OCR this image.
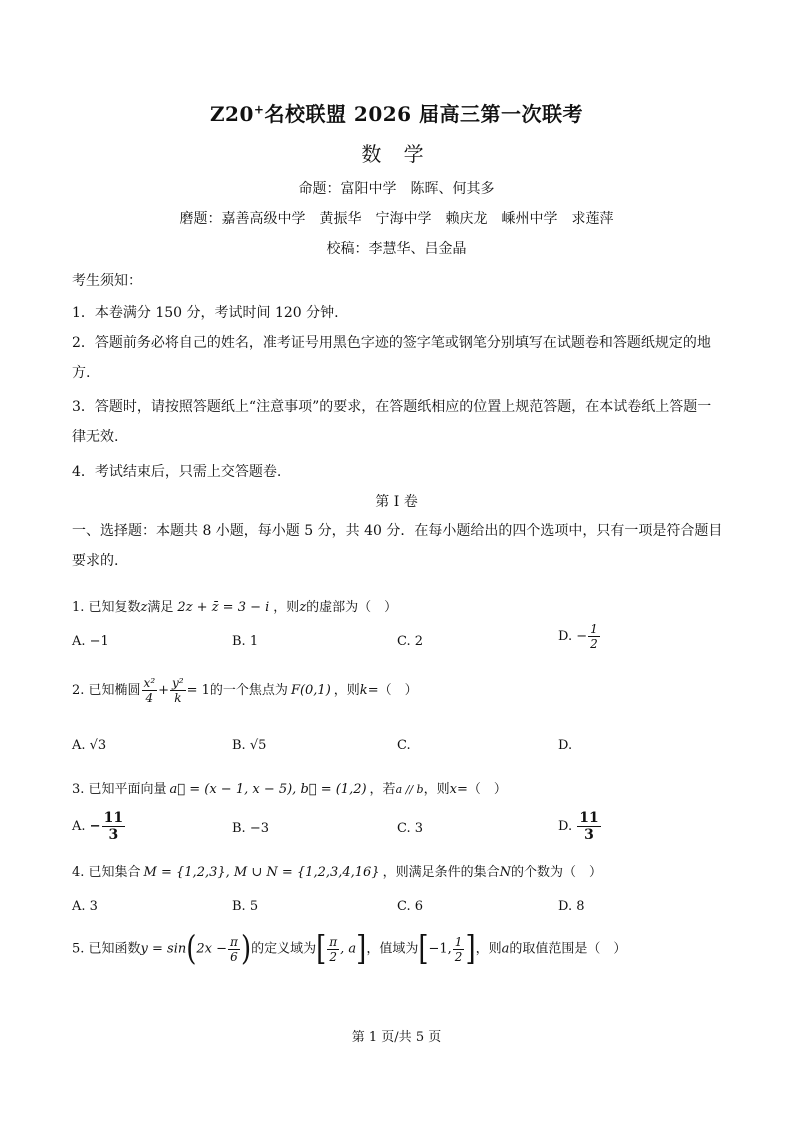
Z20+名校联盟 2026 届高三第一次联考
数 学
命题：富阳中学　陈晖、何其多
磨题：嘉善高级中学　黄振华　宁海中学　赖庆龙　嵊州中学　求莲萍
校稿：李慧华、吕金晶
考生须知：
1．本卷满分 150 分，考试时间 120 分钟.
2．答题前务必将自己的姓名，准考证号用黑色字迹的签字笔或钢笔分别填写在试题卷和答题纸规定的地方.
3．答题时，请按照答题纸上“注意事项”的要求，在答题纸相应的位置上规范答题，在本试卷纸上答题一律无效.
4．考试结束后，只需上交答题卷.
第 I 卷
一、选择题：本题共 8 小题，每小题 5 分，共 40 分．在每小题给出的四个选项中，只有一项是符合题目要求的.
1. 已知复数z满足 2z + z̄ = 3 − i ，则z的虚部为（　）
A. −1	B. 1	C. 2	D. − $\frac{1}{2}$
2. 已知椭圆 $\frac{\text{x²}}{4} + \frac{\text{y²}}{k} = 1$的一个焦点为 F(0,1) ，则k=（　）
A. √3	B. √5	C.	D.
3. 已知平面向量 a⃗ = (x − 1, x − 5), b⃗ = (1,2) ，若a // b，则x=（　）
A. − $\frac{11}{3}$	B. −3	C. 3	D. $\frac{11}{3}$
4. 已知集合 M = {1,2,3}, M ∪ N = {1,2,3,4,16} ，则满足条件的集合N的个数为（　）
A. 3	B. 5	C. 6	D. 8
5. 已知函数$y = \sin(2x - \frac{\pi}{6}$ )的定义域为[ $\frac{\pi}{2}$ , a]，值域为[−1, $\frac{1}{2}$ ]，则a的取值范围是（　）
第 1 页/共 5 页
